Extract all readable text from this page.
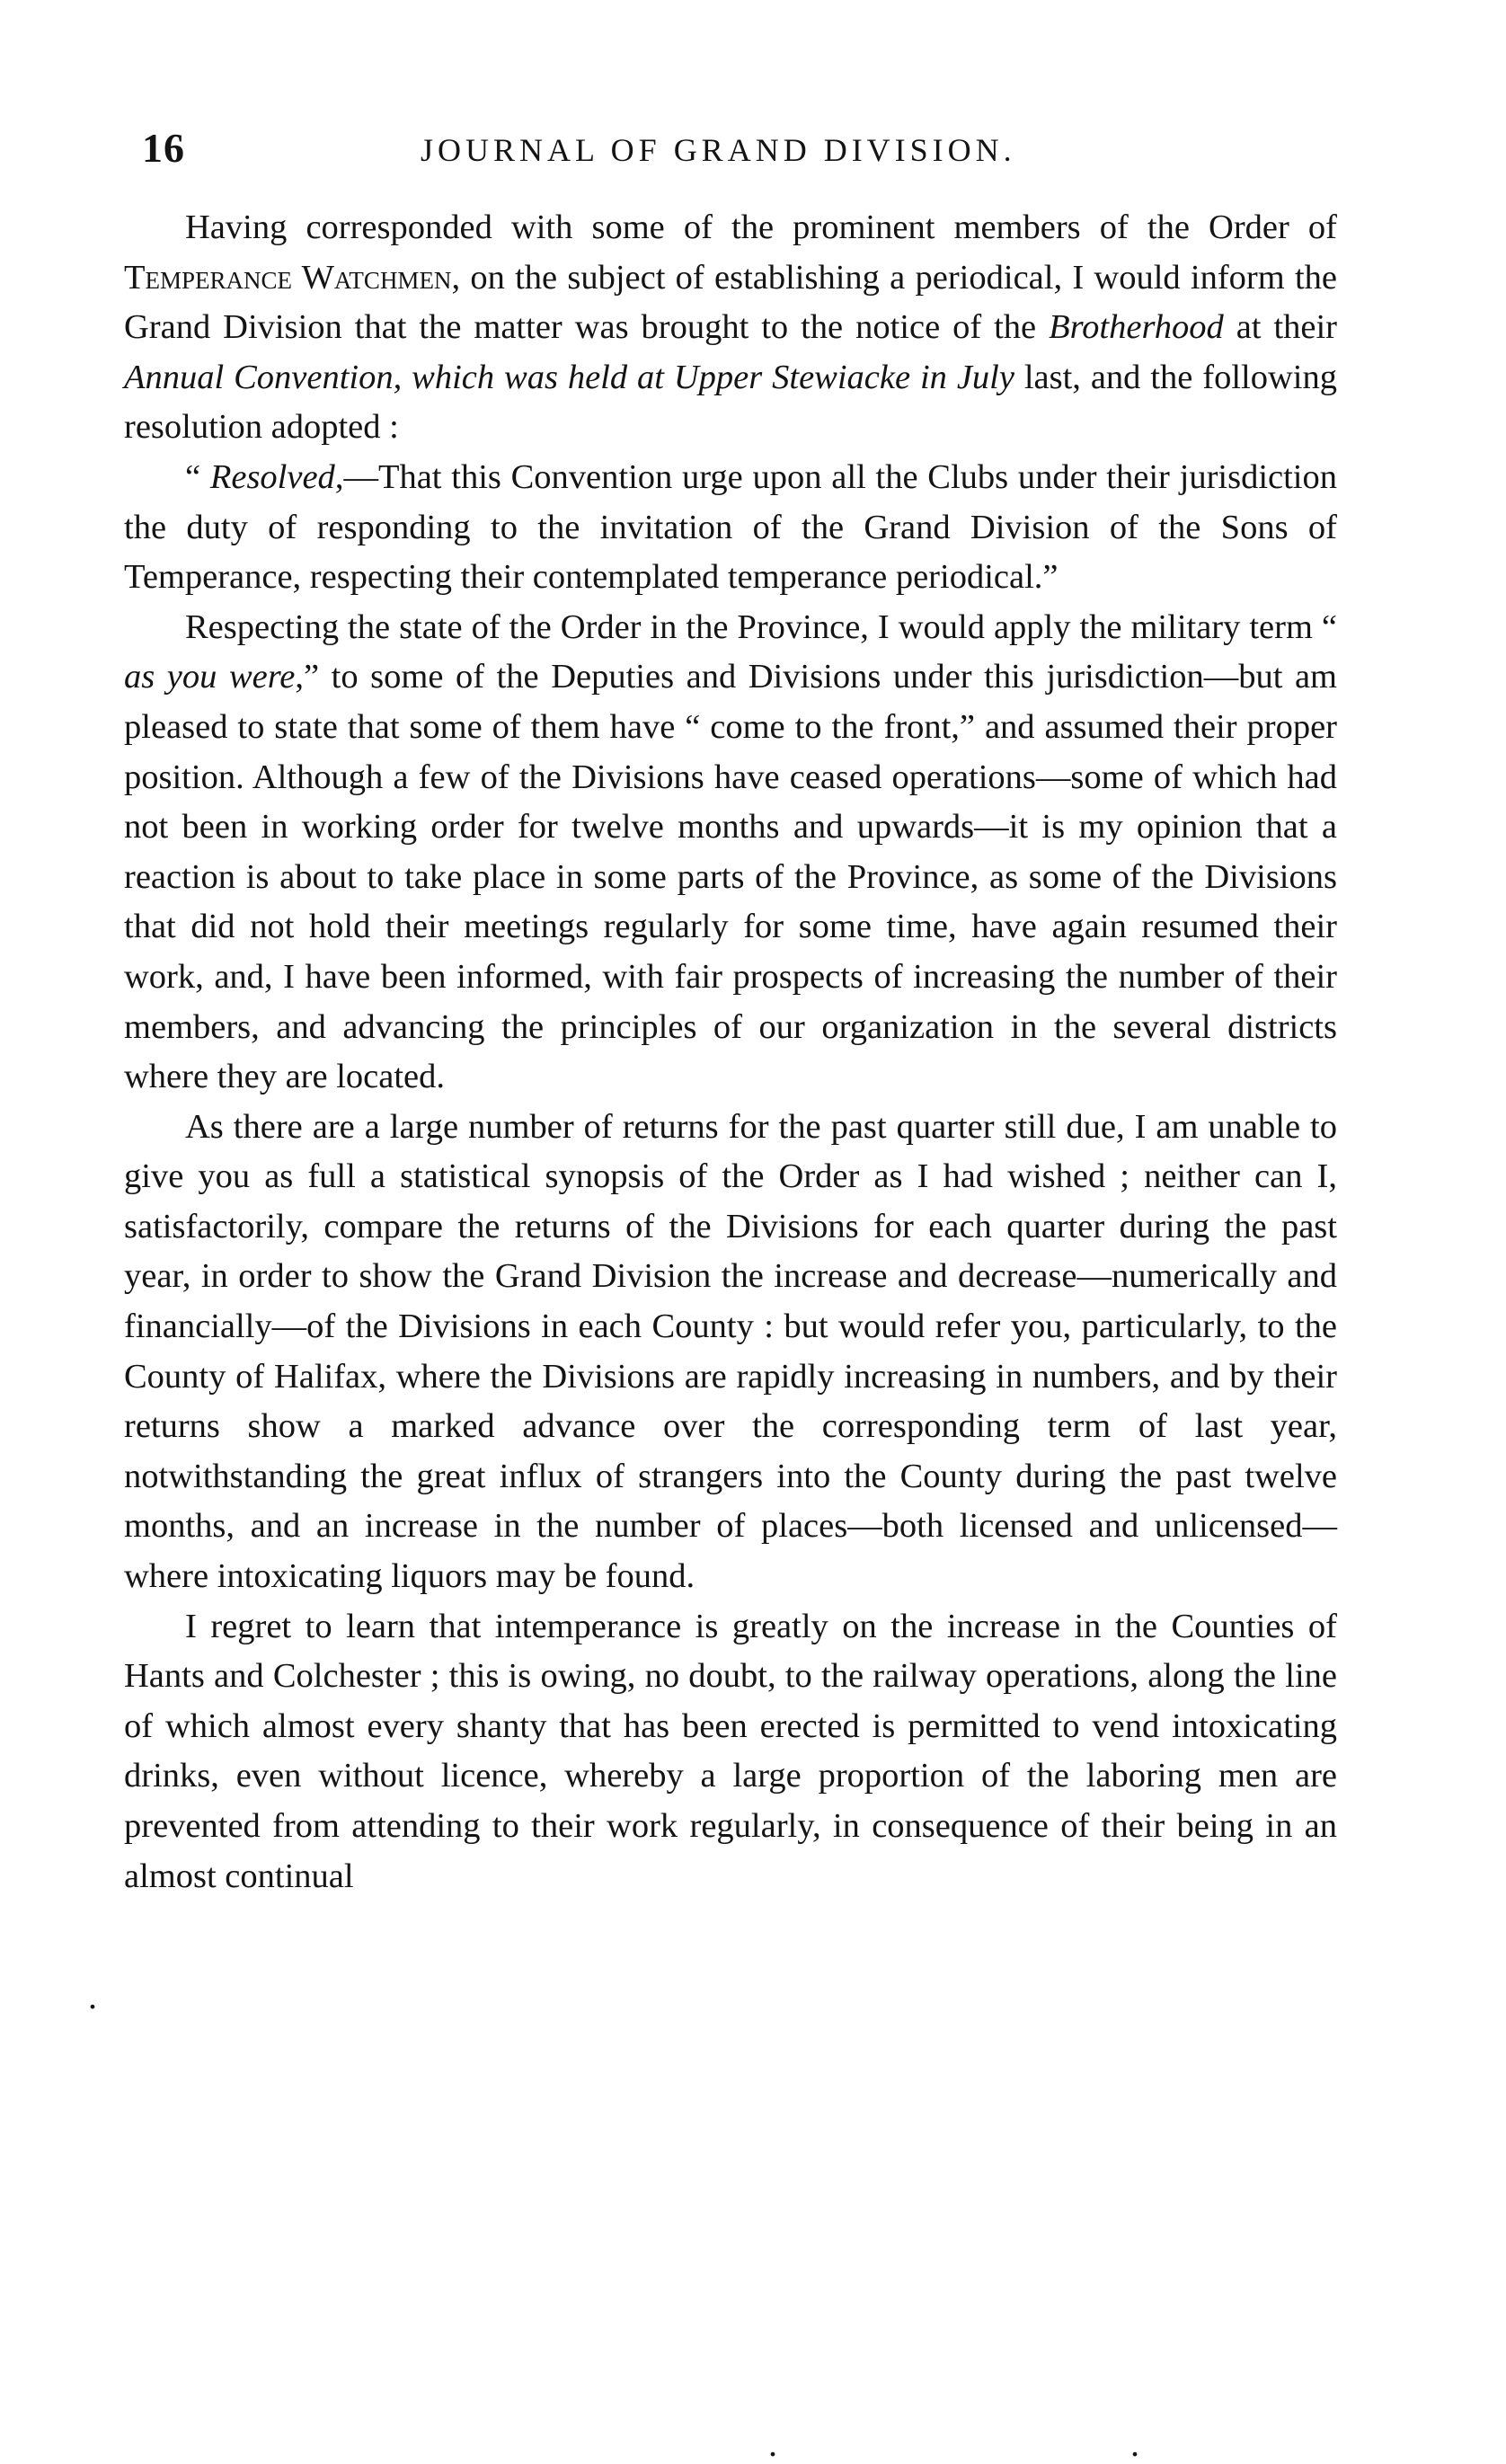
16	JOURNAL OF GRAND DIVISION.

Having corresponded with some of the prominent members of the Order of Temperance Watchmen, on the subject of establishing a periodical, I would inform the Grand Division that the matter was brought to the notice of the Brotherhood at their Annual Convention, which was held at Upper Stewiacke in July last, and the following resolution adopted :

“ Resolved,—That this Convention urge upon all the Clubs under their jurisdiction the duty of responding to the invitation of the Grand Division of the Sons of Temperance, respecting their contemplated temperance periodical.”

Respecting the state of the Order in the Province, I would apply the military term “ as you were,” to some of the Deputies and Divisions under this jurisdiction—but am pleased to state that some of them have “ come to the front,” and assumed their proper position. Although a few of the Divisions have ceased operations—some of which had not been in working order for twelve months and upwards—it is my opinion that a reaction is about to take place in some parts of the Province, as some of the Divisions that did not hold their meetings regularly for some time, have again resumed their work, and, I have been informed, with fair prospects of increasing the number of their members, and advancing the principles of our organization in the several districts where they are located.

As there are a large number of returns for the past quarter still due, I am unable to give you as full a statistical synopsis of the Order as I had wished ; neither can I, satisfactorily, compare the returns of the Divisions for each quarter during the past year, in order to show the Grand Division the increase and decrease—numerically and financially—of the Divisions in each County : but would refer you, particularly, to the County of Halifax, where the Divisions are rapidly increasing in numbers, and by their returns show a marked advance over the corresponding term of last year, notwithstanding the great influx of strangers into the County during the past twelve months, and an increase in the number of places—both licensed and unlicensed—where intoxicating liquors may be found.

I regret to learn that intemperance is greatly on the increase in the Counties of Hants and Colchester ; this is owing, no doubt, to the railway operations, along the line of which almost every shanty that has been erected is permitted to vend intoxicating drinks, even without licence, whereby a large proportion of the laboring men are prevented from attending to their work regularly, in consequence of their being in an almost continual

.
.	.
